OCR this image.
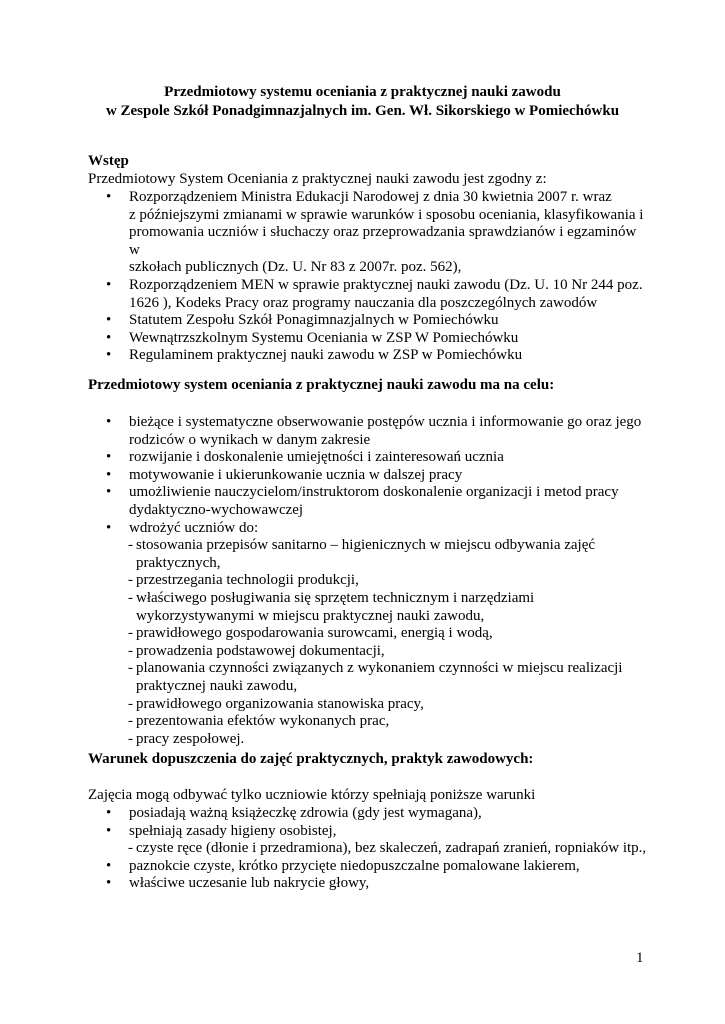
Przedmiotowy systemu oceniania z praktycznej nauki zawodu
w Zespole Szkół Ponadgimnazjalnych im. Gen. Wł. Sikorskiego w Pomiechówku
Wstęp
Przedmiotowy System Oceniania z praktycznej nauki zawodu jest zgodny z:
• Rozporządzeniem Ministra Edukacji Narodowej z dnia 30 kwietnia 2007 r. wraz
z późniejszymi zmianami w sprawie warunków i sposobu oceniania, klasyfikowania i
promowania uczniów i słuchaczy oraz przeprowadzania sprawdzianów i egzaminów w
szkołach publicznych (Dz. U. Nr 83 z 2007r. poz. 562),
• Rozporządzeniem MEN w sprawie praktycznej nauki zawodu (Dz. U. 10 Nr 244 poz.
1626 ), Kodeks Pracy oraz programy nauczania dla poszczególnych zawodów
• Statutem Zespołu Szkół Ponagimnazjalnych w Pomiechówku
• Wewnątrzszkolnym Systemu Oceniania w ZSP W Pomiechówku
• Regulaminem praktycznej nauki zawodu w ZSP w Pomiechówku
Przedmiotowy system oceniania z praktycznej nauki zawodu ma na celu:
• bieżące i systematyczne obserwowanie postępów ucznia i informowanie go oraz jego
rodziców o wynikach w danym zakresie
• rozwijanie i doskonalenie umiejętności i zainteresowań ucznia
• motywowanie i ukierunkowanie ucznia w dalszej pracy
• umożliwienie nauczycielom/instruktorom doskonalenie organizacji i metod pracy
dydaktyczno-wychowawczej
• wdrożyć uczniów do:
- stosowania przepisów sanitarno – higienicznych w miejscu odbywania zajęć
praktycznych,
- przestrzegania technologii produkcji,
- właściwego posługiwania się sprzętem technicznym i narzędziami
wykorzystywanymi w miejscu praktycznej nauki zawodu,
- prawidłowego gospodarowania surowcami, energią i wodą,
- prowadzenia podstawowej dokumentacji,
- planowania czynności związanych z wykonaniem czynności w miejscu realizacji
praktycznej nauki zawodu,
- prawidłowego organizowania stanowiska pracy,
- prezentowania efektów wykonanych prac,
- pracy zespołowej.
Warunek dopuszczenia do zajęć praktycznych, praktyk zawodowych:
Zajęcia mogą odbywać tylko uczniowie którzy spełniają poniższe warunki
• posiadają ważną książeczkę zdrowia (gdy jest wymagana),
• spełniają zasady higieny osobistej,
- czyste ręce (dłonie i przedramiona), bez skaleczeń, zadrapań zranień, ropniaków itp.,
• paznokcie czyste, krótko przycięte niedopuszczalne pomalowane lakierem,
• właściwe uczesanie lub nakrycie głowy,
1
